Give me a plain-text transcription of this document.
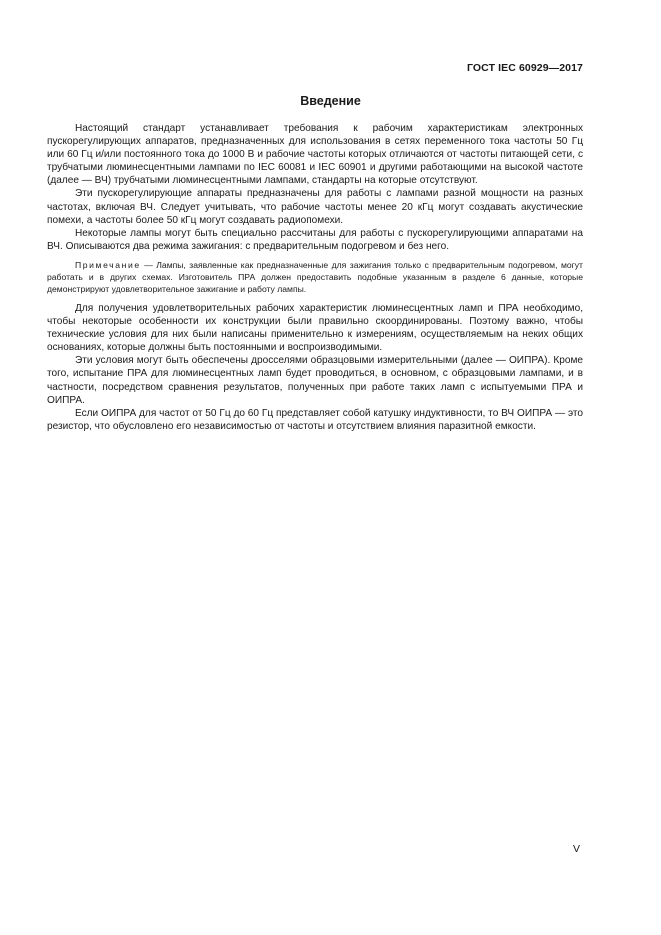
ГОСТ IEC 60929—2017
Введение

Настоящий стандарт устанавливает требования к рабочим характеристикам электронных пускорегулирующих аппаратов, предназначенных для использования в сетях переменного тока частоты 50 Гц или 60 Гц и/или постоянного тока до 1000 В и рабочие частоты которых отличаются от частоты питающей сети, с трубчатыми люминесцентными лампами по IEC 60081 и IEC 60901 и другими работающими на высокой частоте (далее — ВЧ) трубчатыми люминесцентными лампами, стандарты на которые отсутствуют.

Эти пускорегулирующие аппараты предназначены для работы с лампами разной мощности на разных частотах, включая ВЧ. Следует учитывать, что рабочие частоты менее 20 кГц могут создавать акустические помехи, а частоты более 50 кГц могут создавать радиопомехи.

Некоторые лампы могут быть специально рассчитаны для работы с пускорегулирующими аппаратами на ВЧ. Описываются два режима зажигания: с предварительным подогревом и без него.

Примечание — Лампы, заявленные как предназначенные для зажигания только с предварительным подогревом, могут работать и в других схемах. Изготовитель ПРА должен предоставить подобные указанным в разделе 6 данные, которые демонстрируют удовлетворительное зажигание и работу лампы.

Для получения удовлетворительных рабочих характеристик люминесцентных ламп и ПРА необходимо, чтобы некоторые особенности их конструкции были правильно скоординированы. Поэтому важно, чтобы технические условия для них были написаны применительно к измерениям, осуществляемым на неких общих основаниях, которые должны быть постоянными и воспроизводимыми.

Эти условия могут быть обеспечены дросселями образцовыми измерительными (далее — ОИПРА). Кроме того, испытание ПРА для люминесцентных ламп будет проводиться, в основном, с образцовыми лампами, и в частности, посредством сравнения результатов, полученных при работе таких ламп с испытуемыми ПРА и ОИПРА.

Если ОИПРА для частот от 50 Гц до 60 Гц представляет собой катушку индуктивности, то ВЧ ОИПРА — это резистор, что обусловлено его независимостью от частоты и отсутствием влияния паразитной емкости.

V
